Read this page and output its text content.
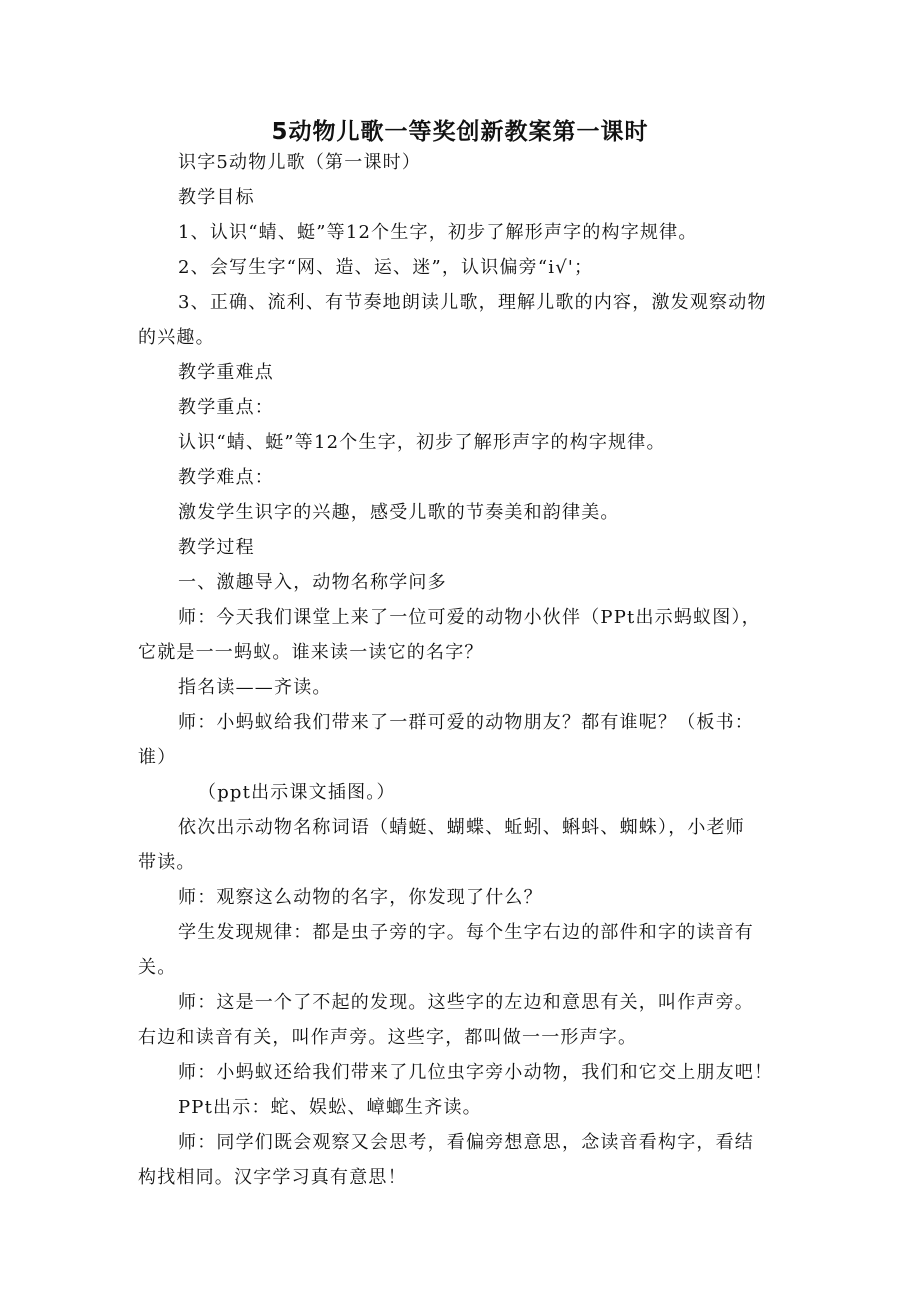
5动物儿歌一等奖创新教案第一课时
识字5动物儿歌（第一课时）
教学目标
1、认识“蜻、蜓”等12个生字，初步了解形声字的构字规律。
2、会写生字“网、造、运、迷”，认识偏旁“i√'；
3、正确、流利、有节奏地朗读儿歌，理解儿歌的内容，激发观察动物
的兴趣。
教学重难点
教学重点：
认识“蜻、蜓”等12个生字，初步了解形声字的构字规律。
教学难点：
激发学生识字的兴趣，感受儿歌的节奏美和韵律美。
教学过程
一、激趣导入，动物名称学问多
师：今天我们课堂上来了一位可爱的动物小伙伴（PPt出示蚂蚁图），
它就是一一蚂蚁。谁来读一读它的名字？
指名读——齐读。
师：小蚂蚁给我们带来了一群可爱的动物朋友？都有谁呢？（板书：
谁）
（ppt出示课文插图。）
依次出示动物名称词语（蜻蜓、蝴蝶、蚯蚓、蝌蚪、蜘蛛），小老师
带读。
师：观察这么动物的名字，你发现了什么？
学生发现规律：都是虫子旁的字。每个生字右边的部件和字的读音有
关。
师：这是一个了不起的发现。这些字的左边和意思有关，叫作声旁。
右边和读音有关，叫作声旁。这些字，都叫做一一形声字。
师：小蚂蚁还给我们带来了几位虫字旁小动物，我们和它交上朋友吧！
PPt出示：蛇、娱蚣、嶂螂生齐读。
师：同学们既会观察又会思考，看偏旁想意思，念读音看构字，看结
构找相同。汉字学习真有意思！
